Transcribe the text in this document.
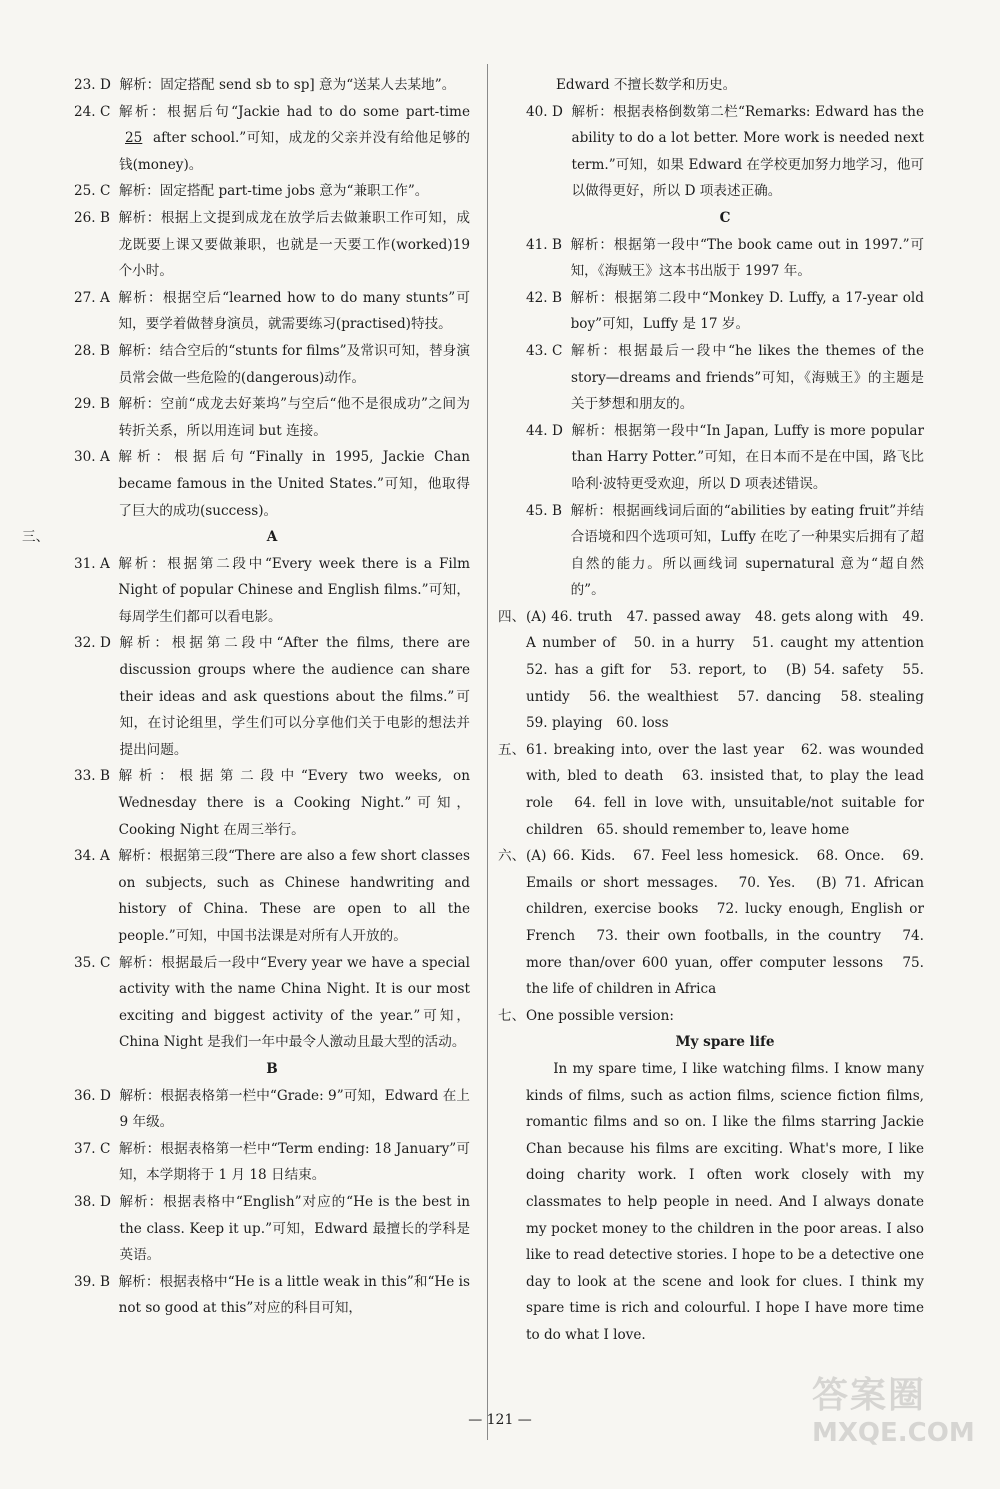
23. D
解析：固定搭配 send sb to sp] 意为“送某人去某地”。
24. C
解析：根据后句“Jackie had to do some part-time 25 after school.”可知，成龙的父亲并没有给他足够的钱(money)。
25. C
解析：固定搭配 part-time jobs 意为“兼职工作”。
26. B
解析：根据上文提到成龙在放学后去做兼职工作可知，成龙既要上课又要做兼职，也就是一天要工作(worked)19 个小时。
27. A
解析：根据空后“learned how to do many stunts”可知，要学着做替身演员，就需要练习(practised)特技。
28. B
解析：结合空后的“stunts for films”及常识可知，替身演员常会做一些危险的(dangerous)动作。
29. B
解析：空前“成龙去好莱坞”与空后“他不是很成功”之间为转折关系，所以用连词 but 连接。
30. A
解析：根据后句“Finally in 1995, Jackie Chan became famous in the United States.”可知，他取得了巨大的成功(success)。
三、	A
31. A
解析：根据第二段中“Every week there is a Film Night of popular Chinese and English films.”可知，每周学生们都可以看电影。
32. D
解析：根据第二段中“After the films, there are discussion groups where the audience can share their ideas and ask questions about the films.”可知，在讨论组里，学生们可以分享他们关于电影的想法并提出问题。
33. B
解析：根据第二段中“Every two weeks, on Wednesday there is a Cooking Night.”可知，Cooking Night 在周三举行。
34. A
解析：根据第三段“There are also a few short classes on subjects, such as Chinese handwriting and history of China. These are open to all the people.”可知，中国书法课是对所有人开放的。
35. C
解析：根据最后一段中“Every year we have a special activity with the name China Night. It is our most exciting and biggest activity of the year.”可知，China Night 是我们一年中最令人激动且最大型的活动。
B
36. D
解析：根据表格第一栏中“Grade: 9”可知，Edward 在上 9 年级。
37. C
解析：根据表格第一栏中“Term ending: 18 January”可知，本学期将于 1 月 18 日结束。
38. D
解析：根据表格中“English”对应的“He is the best in the class. Keep it up.”可知，Edward 最擅长的学科是英语。
39. B
解析：根据表格中“He is a little weak in this”和“He is not so good at this”对应的科目可知，
Edward 不擅长数学和历史。
40. D
解析：根据表格倒数第二栏“Remarks: Edward has the ability to do a lot better. More work is needed next term.”可知，如果 Edward 在学校更加努力地学习，他可以做得更好，所以 D 项表述正确。
C
41. B
解析：根据第一段中“The book came out in 1997.”可知，《海贼王》这本书出版于 1997 年。
42. B
解析：根据第二段中“Monkey D. Luffy, a 17-year old boy”可知，Luffy 是 17 岁。
43. C
解析：根据最后一段中“he likes the themes of the story—dreams and friends”可知，《海贼王》的主题是关于梦想和朋友的。
44. D
解析：根据第一段中“In Japan, Luffy is more popular than Harry Potter.”可知，在日本而不是在中国，路飞比哈利·波特更受欢迎，所以 D 项表述错误。
45. B
解析：根据画线词后面的“abilities by eating fruit”并结合语境和四个选项可知，Luffy 在吃了一种果实后拥有了超自然的能力。所以画线词 supernatural 意为“超自然的”。
四、 (A) 46. truth　47. passed away　48. gets along with　49. A number of　50. in a hurry　51. caught my attention　52. has a gift for　53. report, to　(B) 54. safety　55. untidy　56. the wealthiest　57. dancing　58. stealing　59. playing　60. loss
五、 61. breaking into, over the last year　62. was wounded with, bled to death　63. insisted that, to play the lead role　64. fell in love with, unsuitable/not suitable for children　65. should remember to, leave home
六、 (A) 66. Kids.　67. Feel less homesick.　68. Once.　69. Emails or short messages.　70. Yes.　(B) 71. African children, exercise books　72. lucky enough, English or French　73. their own footballs, in the country　74. more than/over 600 yuan, offer computer lessons　75. the life of children in Africa
七、 One possible version:
My spare life
In my spare time, I like watching films. I know many kinds of films, such as action films, science fiction films, romantic films and so on. I like the films starring Jackie Chan because his films are exciting. What's more, I like doing charity work. I often work closely with my classmates to help people in need. And I always donate my pocket money to the children in the poor areas. I also like to read detective stories. I hope to be a detective one day to look at the scene and look for clues. I think my spare time is rich and colourful. I hope I have more time to do what I love.
— 121 —
答案圈
MXQE.COM
